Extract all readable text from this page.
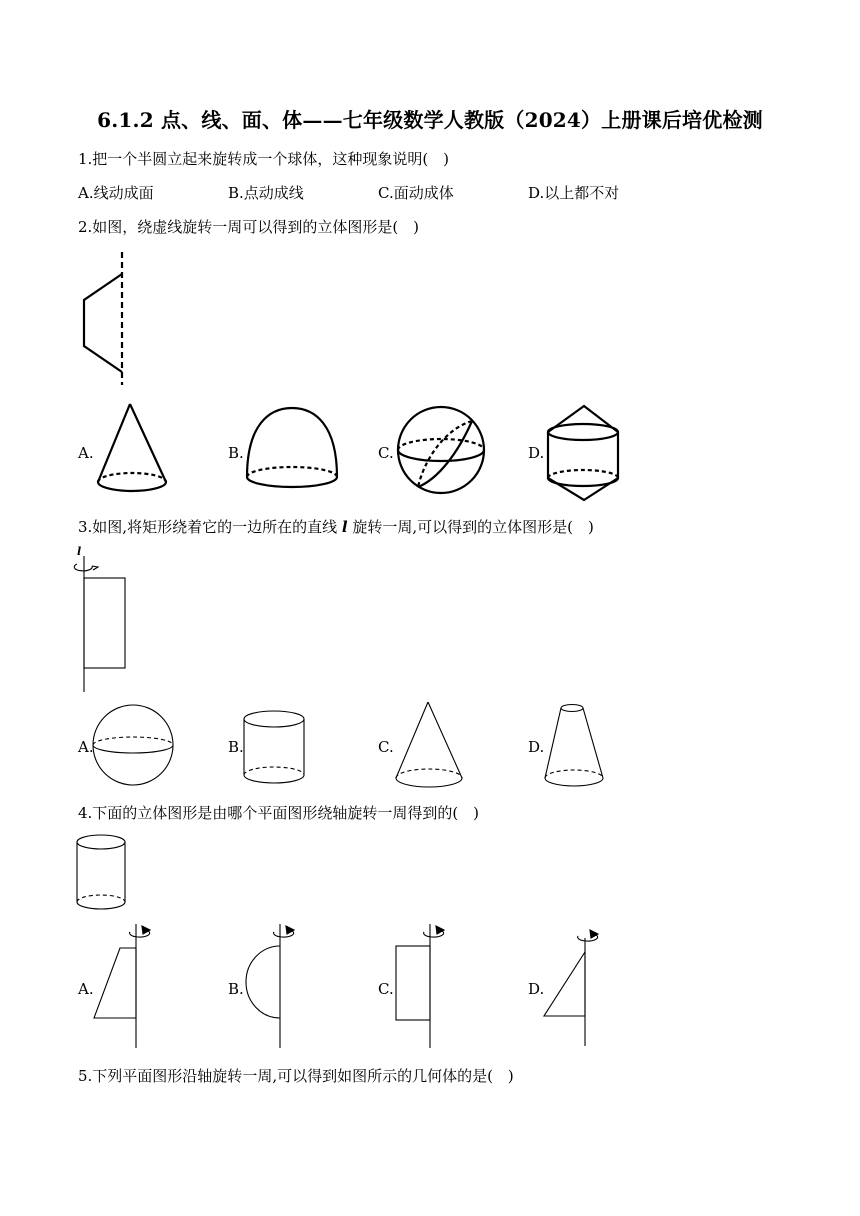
6.1.2 点、线、面、体——七年级数学人教版（2024）上册课后培优检测
1.把一个半圆立起来旋转成一个球体，这种现象说明(　)
A.线动成面	B.点动成线	C.面动成体	D.以上都不对
2.如图，绕虚线旋转一周可以得到的立体图形是(　)
A.	B.	C.	D.
3.如图,将矩形绕着它的一边所在的直线 l 旋转一周,可以得到的立体图形是(　)
l
A.	B.	C.	D.
4.下面的立体图形是由哪个平面图形绕轴旋转一周得到的(　)
A.	B.	C.	D.
5.下列平面图形沿轴旋转一周,可以得到如图所示的几何体的是(　)
